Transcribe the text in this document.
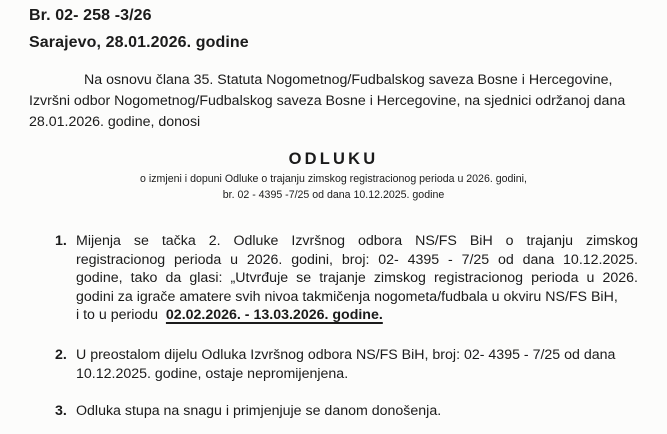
Br. 02- 258 -3/26
Sarajevo, 28.01.2026. godine
Na osnovu člana 35. Statuta Nogometnog/Fudbalskog saveza Bosne i Hercegovine,
Izvršni odbor Nogometnog/Fudbalskog saveza Bosne i Hercegovine, na sjednici održanoj dana
28.01.2026. godine, donosi
ODLUKU
o izmjeni i dopuni Odluke o trajanju zimskog registracionog perioda u 2026. godini,
br. 02 - 4395 -7/25 od dana 10.12.2025. godine
1. Mijenja se tačka 2. Odluke Izvršnog odbora NS/FS BiH o trajanju zimskog
registracionog perioda u 2026. godini, broj: 02- 4395 - 7/25 od dana 10.12.2025.
godine, tako da glasi: „Utvrđuje se trajanje zimskog registracionog perioda u 2026.
godini za igrače amatere svih nivoa takmičenja nogometa/fudbala u okviru NS/FS BiH,
i to u periodu 02.02.2026. - 13.03.2026. godine.
2. U preostalom dijelu Odluka Izvršnog odbora NS/FS BiH, broj: 02- 4395 - 7/25 od dana
10.12.2025. godine, ostaje nepromijenjena.
3. Odluka stupa na snagu i primjenjuje se danom donošenja.
